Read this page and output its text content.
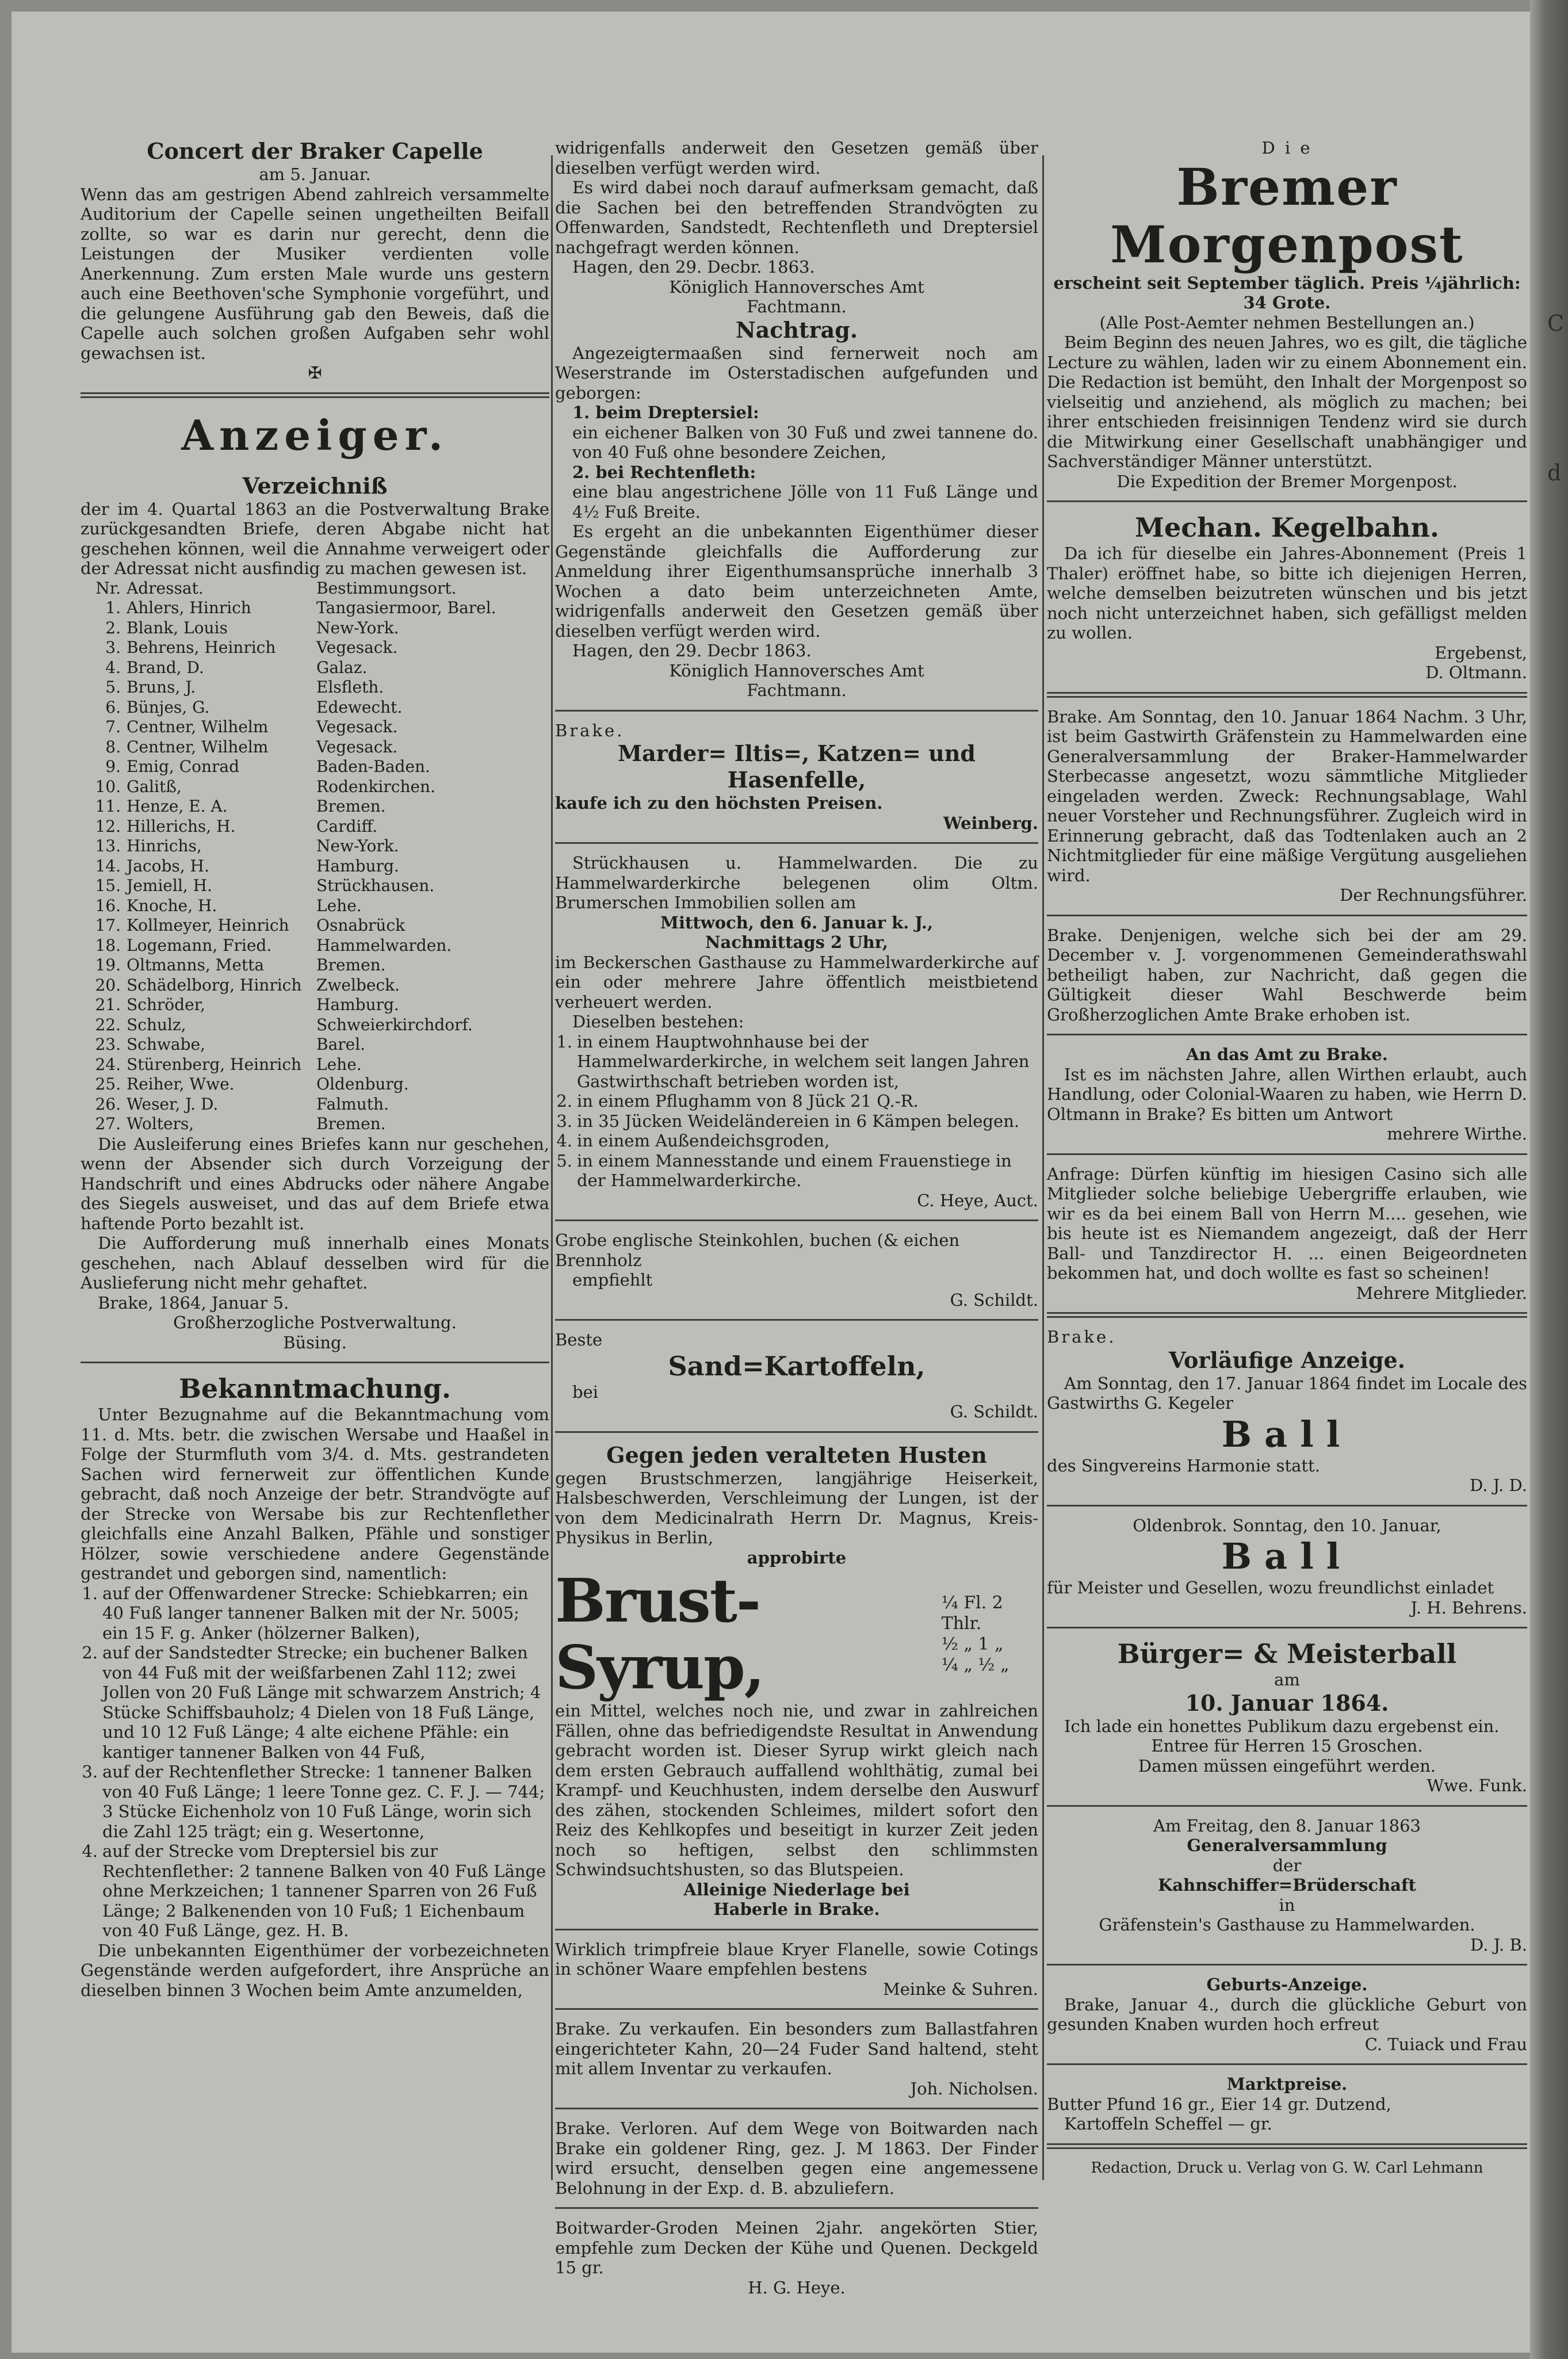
C
d

Concert der Braker Capelle

am 5. Januar.

Wenn das am gestrigen Abend zahlreich versammelte Auditorium der Capelle seinen ungetheilten Beifall zollte, so war es darin nur gerecht, denn die Leistungen der Musiker verdienten volle Anerkennung. Zum ersten Male wurde uns gestern auch eine Beethoven'sche Symphonie vorgeführt, und die gelungene Ausführung gab den Beweis, daß die Capelle auch solchen großen Aufgaben sehr wohl gewachsen ist.

✠

Anzeiger.

Verzeichniß

der im 4. Quartal 1863 an die Postverwaltung Brake zurückgesandten Briefe, deren Abgabe nicht hat geschehen können, weil die Annahme verweigert oder der Adressat nicht ausfindig zu machen gewesen ist.

Nr.	Adressat.	Bestimmungsort.
1.	Ahlers, Hinrich	Tangasiermoor, Barel.
2.	Blank, Louis	New-York.
3.	Behrens, Heinrich	Vegesack.
4.	Brand, D.	Galaz.
5.	Bruns, J.	Elsfleth.
6.	Bünjes, G.	Edewecht.
7.	Centner, Wilhelm	Vegesack.
8.	Centner, Wilhelm	Vegesack.
9.	Emig, Conrad	Baden-Baden.
10.	Galitß,	Rodenkirchen.
11.	Henze, E. A.	Bremen.
12.	Hillerichs, H.	Cardiff.
13.	Hinrichs,	New-York.
14.	Jacobs, H.	Hamburg.
15.	Jemiell, H.	Strückhausen.
16.	Knoche, H.	Lehe.
17.	Kollmeyer, Heinrich	Osnabrück
18.	Logemann, Fried.	Hammelwarden.
19.	Oltmanns, Metta	Bremen.
20.	Schädelborg, Hinrich	Zwelbeck.
21.	Schröder,	Hamburg.
22.	Schulz,	Schweierkirchdorf.
23.	Schwabe,	Barel.
24.	Stürenberg, Heinrich	Lehe.
25.	Reiher, Wwe.	Oldenburg.
26.	Weser, J. D.	Falmuth.
27.	Wolters,	Bremen.

Die Ausleiferung eines Briefes kann nur geschehen, wenn der Absender sich durch Vorzeigung der Handschrift und eines Abdrucks oder nähere Angabe des Siegels ausweiset, und das auf dem Briefe etwa haftende Porto bezahlt ist.

Die Aufforderung muß innerhalb eines Monats geschehen, nach Ablauf desselben wird für die Auslieferung nicht mehr gehaftet.

Brake, 1864, Januar 5.

Großherzogliche Postverwaltung.

Büsing.

Bekanntmachung.

Unter Bezugnahme auf die Bekanntmachung vom 11. d. Mts. betr. die zwischen Wersabe und Haaßel in Folge der Sturmfluth vom 3/4. d. Mts. gestrandeten Sachen wird fernerweit zur öffentlichen Kunde gebracht, daß noch Anzeige der betr. Strandvögte auf der Strecke von Wersabe bis zur Rechtenflether gleichfalls eine Anzahl Balken, Pfähle und sonstiger Hölzer, sowie verschiedene andere Gegenstände gestrandet und geborgen sind, namentlich:

1. auf der Offenwardener Strecke: Schiebkarren; ein 40 Fuß langer tannener Balken mit der Nr. 5005; ein 15 F. g. Anker (hölzerner Balken),
2. auf der Sandstedter Strecke; ein buchener Balken von 44 Fuß mit der weißfarbenen Zahl 112; zwei Jollen von 20 Fuß Länge mit schwarzem Anstrich; 4 Stücke Schiffsbauholz; 4 Dielen von 18 Fuß Länge, und 10 12 Fuß Länge; 4 alte eichene Pfähle: ein kantiger tannener Balken von 44 Fuß,
3. auf der Rechtenflether Strecke: 1 tannener Balken von 40 Fuß Länge; 1 leere Tonne gez. C. F. J. — 744; 3 Stücke Eichenholz von 10 Fuß Länge, worin sich die Zahl 125 trägt; ein g. Wesertonne,
4. auf der Strecke vom Dreptersiel bis zur Rechtenflether: 2 tannene Balken von 40 Fuß Länge ohne Merkzeichen; 1 tannener Sparren von 26 Fuß Länge; 2 Balkenenden von 10 Fuß; 1 Eichenbaum von 40 Fuß Länge, gez. H. B.

Die unbekannten Eigenthümer der vorbezeichneten Gegenstände werden aufgefordert, ihre Ansprüche an dieselben binnen 3 Wochen beim Amte anzumelden,

widrigenfalls anderweit den Gesetzen gemäß über dieselben verfügt werden wird.

Es wird dabei noch darauf aufmerksam gemacht, daß die Sachen bei den betreffenden Strandvögten zu Offenwarden, Sandstedt, Rechtenfleth und Dreptersiel nachgefragt werden können.

Hagen, den 29. Decbr. 1863.

Königlich Hannoversches Amt

Fachtmann.

Nachtrag.

Angezeigtermaaßen sind fernerweit noch am Weserstrande im Osterstadischen aufgefunden und geborgen:

1. beim Dreptersiel:

ein eichener Balken von 30 Fuß und zwei tannene do. von 40 Fuß ohne besondere Zeichen,

2. bei Rechtenfleth:

eine blau angestrichene Jölle von 11 Fuß Länge und 4½ Fuß Breite.

Es ergeht an die unbekannten Eigenthümer dieser Gegenstände gleichfalls die Aufforderung zur Anmeldung ihrer Eigenthumsansprüche innerhalb 3 Wochen a dato beim unterzeichneten Amte, widrigenfalls anderweit den Gesetzen gemäß über dieselben verfügt werden wird.

Hagen, den 29. Decbr 1863.

Königlich Hannoversches Amt

Fachtmann.

Brake.

Marder= Iltis=, Katzen= und Hasenfelle,

kaufe ich zu den höchsten Preisen.

Weinberg.

Strückhausen u. Hammelwarden. Die zu Hammelwarderkirche belegenen olim Oltm. Brumerschen Immobilien sollen am

Mittwoch, den 6. Januar k. J.,

Nachmittags 2 Uhr,

im Beckerschen Gasthause zu Hammelwarderkirche auf ein oder mehrere Jahre öffentlich meistbietend verheuert werden.

Dieselben bestehen:

1. in einem Hauptwohnhause bei der Hammelwarderkirche, in welchem seit langen Jahren Gastwirthschaft betrieben worden ist,
2. in einem Pflughamm von 8 Jück 21 Q.-R.
3. in 35 Jücken Weideländereien in 6 Kämpen belegen.
4. in einem Außendeichsgroden,
5. in einem Mannesstande und einem Frauenstiege in der Hammelwarderkirche.

C. Heye, Auct.

Grobe englische Steinkohlen, buchen (& eichen

Brennholz

empfiehlt

G. Schildt.

Beste

Sand=Kartoffeln,

bei

G. Schildt.

Gegen jeden veralteten Husten

gegen Brustschmerzen, langjährige Heiserkeit, Halsbeschwerden, Verschleimung der Lungen, ist der von dem Medicinalrath Herrn Dr. Magnus, Kreis-Physikus in Berlin,

approbirte

Brust-Syrup,

¼ Fl. 2 Thlr.

½ „ 1 „

¼ „ ½ „

ein Mittel, welches noch nie, und zwar in zahlreichen Fällen, ohne das befriedigendste Resultat in Anwendung gebracht worden ist. Dieser Syrup wirkt gleich nach dem ersten Gebrauch auffallend wohlthätig, zumal bei Krampf- und Keuchhusten, indem derselbe den Auswurf des zähen, stockenden Schleimes, mildert sofort den Reiz des Kehlkopfes und beseitigt in kurzer Zeit jeden noch so heftigen, selbst den schlimmsten Schwindsuchtshusten, so das Blutspeien.

Alleinige Niederlage bei

Haberle in Brake.

Wirklich trimpfreie blaue Kryer Flanelle, sowie Cotings in schöner Waare empfehlen bestens

Meinke & Suhren.

Brake. Zu verkaufen. Ein besonders zum Ballastfahren eingerichteter Kahn, 20—24 Fuder Sand haltend, steht mit allem Inventar zu verkaufen.

Joh. Nicholsen.

Brake. Verloren. Auf dem Wege von Boitwarden nach Brake ein goldener Ring, gez. J. M 1863. Der Finder wird ersucht, denselben gegen eine angemessene Belohnung in der Exp. d. B. abzuliefern.

Boitwarder-Groden Meinen 2jahr. angekörten Stier, empfehle zum Decken der Kühe und Quenen. Deckgeld 15 gr.

H. G. Heye.

D i e

Bremer Morgenpost

erscheint seit September täglich. Preis ¼jährlich: 34 Grote.

(Alle Post-Aemter nehmen Bestellungen an.)

Beim Beginn des neuen Jahres, wo es gilt, die tägliche Lecture zu wählen, laden wir zu einem Abonnement ein. Die Redaction ist bemüht, den Inhalt der Morgenpost so vielseitig und anziehend, als möglich zu machen; bei ihrer entschieden freisinnigen Tendenz wird sie durch die Mitwirkung einer Gesellschaft unabhängiger und Sachverständiger Männer unterstützt.

Die Expedition der Bremer Morgenpost.

Mechan. Kegelbahn.

Da ich für dieselbe ein Jahres-Abonnement (Preis 1 Thaler) eröffnet habe, so bitte ich diejenigen Herren, welche demselben beizutreten wünschen und bis jetzt noch nicht unterzeichnet haben, sich gefälligst melden zu wollen.

Ergebenst,

D. Oltmann.

Brake. Am Sonntag, den 10. Januar 1864 Nachm. 3 Uhr, ist beim Gastwirth Gräfenstein zu Hammelwarden eine Generalversammlung der Braker-Hammelwarder Sterbecasse angesetzt, wozu sämmtliche Mitglieder eingeladen werden. Zweck: Rechnungsablage, Wahl neuer Vorsteher und Rechnungsführer. Zugleich wird in Erinnerung gebracht, daß das Todtenlaken auch an 2 Nichtmitglieder für eine mäßige Vergütung ausgeliehen wird.

Der Rechnungsführer.

Brake. Denjenigen, welche sich bei der am 29. December v. J. vorgenommenen Gemeinderathswahl betheiligt haben, zur Nachricht, daß gegen die Gültigkeit dieser Wahl Beschwerde beim Großherzoglichen Amte Brake erhoben ist.

An das Amt zu Brake.

Ist es im nächsten Jahre, allen Wirthen erlaubt, auch Handlung, oder Colonial-Waaren zu haben, wie Herrn D. Oltmann in Brake? Es bitten um Antwort

mehrere Wirthe.

Anfrage: Dürfen künftig im hiesigen Casino sich alle Mitglieder solche beliebige Uebergriffe erlauben, wie wir es da bei einem Ball von Herrn M.... gesehen, wie bis heute ist es Niemandem angezeigt, daß der Herr Ball- und Tanzdirector H. ... einen Beigeordneten bekommen hat, und doch wollte es fast so scheinen!

Mehrere Mitglieder.

Brake.

Vorläufige Anzeige.

Am Sonntag, den 17. Januar 1864 findet im Locale des Gastwirths G. Kegeler

Ball

des Singvereins Harmonie statt.

D. J. D.

Oldenbrok. Sonntag, den 10. Januar,

Ball

für Meister und Gesellen, wozu freundlichst einladet

J. H. Behrens.

Bürger= & Meisterball

am

10. Januar 1864.

Ich lade ein honettes Publikum dazu ergebenst ein.

Entree für Herren 15 Groschen.

Damen müssen eingeführt werden.

Wwe. Funk.

Am Freitag, den 8. Januar 1863

Generalversammlung

der

Kahnschiffer=Brüderschaft

in

Gräfenstein's Gasthause zu Hammelwarden.

D. J. B.

Geburts-Anzeige.

Brake, Januar 4., durch die glückliche Geburt von gesunden Knaben wurden hoch erfreut

C. Tuiack und Frau

Marktpreise.

Butter Pfund 16 gr., Eier 14 gr. Dutzend,

Kartoffeln Scheffel — gr.

Redaction, Druck u. Verlag von G. W. Carl Lehmann
